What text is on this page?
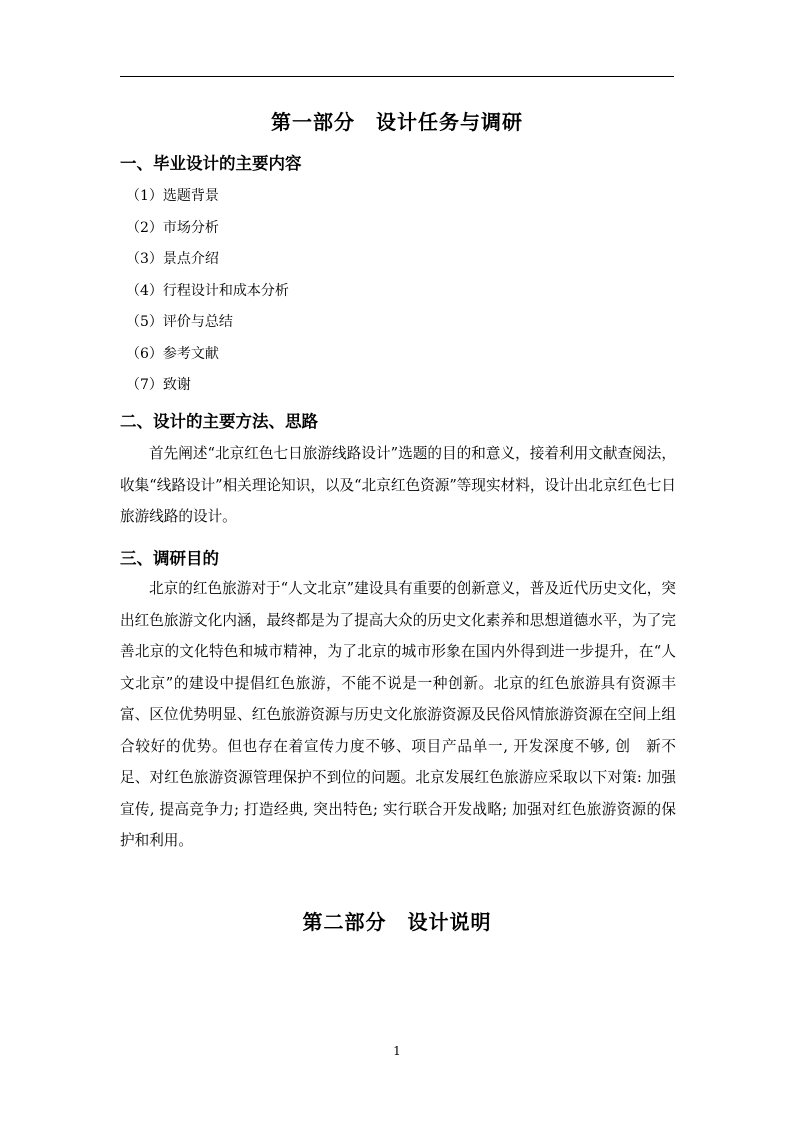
第一部分　设计任务与调研
一、毕业设计的主要内容
（1）选题背景
（2）市场分析
（3）景点介绍
（4）行程设计和成本分析
（5）评价与总结
（6）参考文献
（7）致谢
二、设计的主要方法、思路

首先阐述“北京红色七日旅游线路设计”选题的目的和意义，接着利用文献查阅法，收集“线路设计”相关理论知识，以及“北京红色资源”等现实材料，设计出北京红色七日旅游线路的设计。

三、调研目的

北京的红色旅游对于“人文北京”建设具有重要的创新意义，普及近代历史文化，突出红色旅游文化内涵，最终都是为了提高大众的历史文化素养和思想道德水平，为了完善北京的文化特色和城市精神，为了北京的城市形象在国内外得到进一步提升，在“人文北京”的建设中提倡红色旅游，不能不说是一种创新。北京的红色旅游具有资源丰富、区位优势明显、红色旅游资源与历史文化旅游资源及民俗风情旅游资源在空间上组合较好的优势。但也存在着宣传力度不够、项目产品单一, 开发深度不够, 创　新不足、对红色旅游资源管理保护不到位的问题。北京发展红色旅游应采取以下对策: 加强宣传, 提高竞争力; 打造经典, 突出特色; 实行联合开发战略; 加强对红色旅游资源的保护和利用。

第二部分　设计说明
1
